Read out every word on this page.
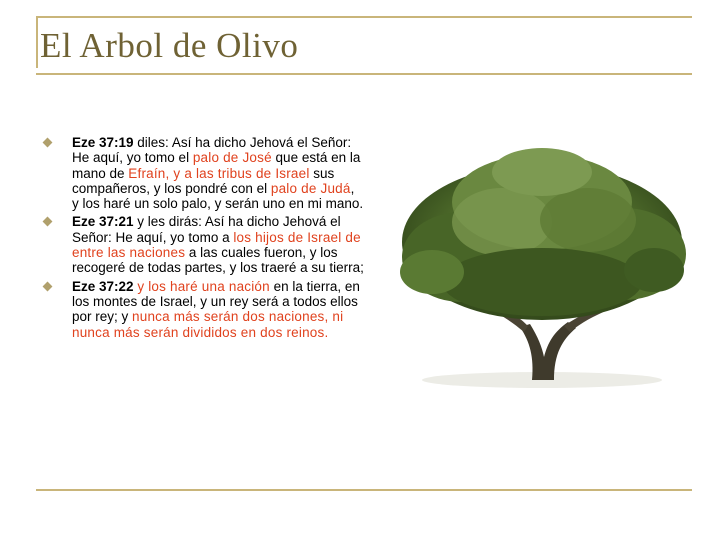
El Arbol de Olivo
Eze 37:19 diles: Así ha dicho Jehová el Señor: He aquí, yo tomo el palo de José que está en la mano de Efraín, y a las tribus de Israel sus compañeros, y los pondré con el palo de Judá, y los haré un solo palo, y serán uno en mi mano.
Eze 37:21 y les dirás: Así ha dicho Jehová el Señor: He aquí, yo tomo a los hijos de Israel de entre las naciones a las cuales fueron, y los recogeré de todas partes, y los traeré a su tierra;
Eze 37:22 y los haré una nación en la tierra, en los montes de Israel, y un rey será a todos ellos por rey; y nunca más serán dos naciones, ni nunca más serán divididos en dos reinos.
